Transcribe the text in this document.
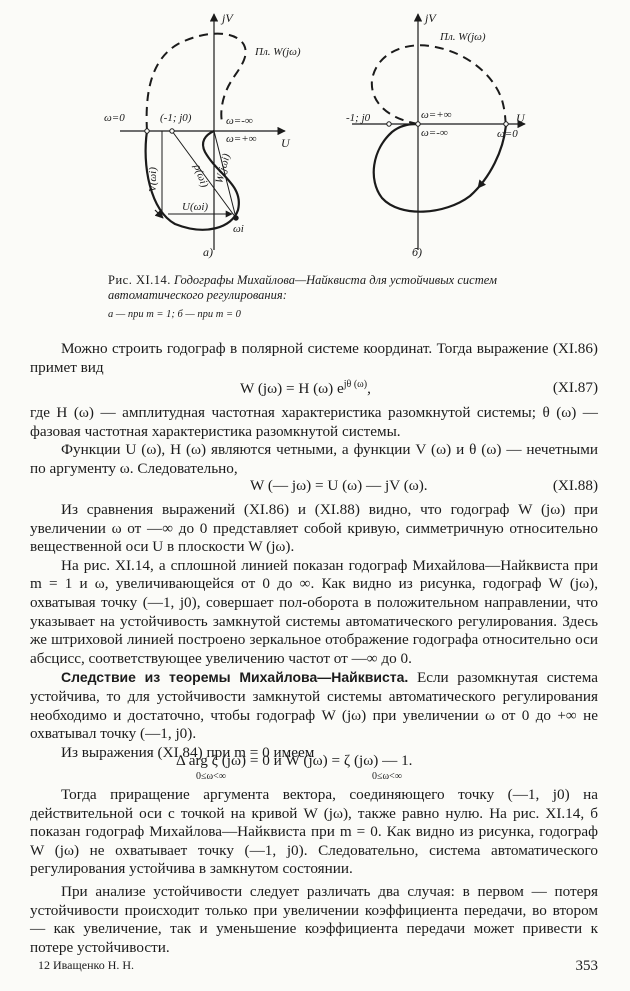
jV
U
Пл. W(jω)
ω=0	(-1; j0)	ω=-∞
ω=+∞
V(ωi)	ρ(ωi) W(jωi)
U(ωi)
ωi
а)
jV
U
Пл. W(jω)
-1; j0	ω=+∞
ω=-∞	ω=0
б)
Рис. XI.14. Годографы Михайлова—Найквиста для устойчивых систем автоматического регулирования:
а — при m = 1; б — при m = 0

Можно строить годограф в полярной системе координат. Тогда выражение (XI.86) примет вид

W (jω) = H (ω) $e^{j\theta (\omega)}$,	(XI.87)

где H (ω) — амплитудная частотная характеристика разомкнутой системы; θ (ω) — фазовая частотная характеристика разомкнутой системы.

Функции U (ω), H (ω) являются четными, а функции V (ω) и θ (ω) — нечетными по аргументу ω. Следовательно,

W (— jω) = U (ω) — jV (ω).	(XI.88)

Из сравнения выражений (XI.86) и (XI.88) видно, что годограф W (jω) при увеличении ω от —∞ до 0 представляет собой кривую, симметричную относительно вещественной оси U в плоскости W (jω).

На рис. XI.14, а сплошной линией показан годограф Михайлова—Найквиста при m = 1 и ω, увеличивающейся от 0 до ∞. Как видно из рисунка, годограф W (jω), охватывая точку (—1, j0), совершает пол-оборота в положительном направлении, что указывает на устойчивость замкнутой системы автоматического регулирования. Здесь же штриховой линией построено зеркальное отображение годографа относительно оси абсцисс, соответствующее увеличению частот от —∞ до 0.

Следствие из теоремы Михайлова—Найквиста. Если разомкнутая система устойчива, то для устойчивости замкнутой системы автоматического регулирования необходимо и достаточно, чтобы годограф W (jω) при увеличении ω от 0 до +∞ не охватывал точку (—1, j0).

Из выражения (XI.84) при m = 0 имеем

Δ arg ζ (jω) = 0 и W (jω) = ζ (jω) — 1.
0≤ω<∞	0≤ω<∞

Тогда приращение аргумента вектора, соединяющего точку (—1, j0) на действительной оси с точкой на кривой W (jω), также равно нулю. На рис. XI.14, б показан годограф Михайлова—Найквиста при m = 0. Как видно из рисунка, годограф W (jω) не охватывает точку (—1, j0). Следовательно, система автоматического регулирования устойчива в замкнутом состоянии.

При анализе устойчивости следует различать два случая: в первом — потеря устойчивости происходит только при увеличении коэффициента передачи, во втором — как увеличение, так и уменьшение коэффициента передачи может привести к потере устойчивости.

12 Иващенко Н. Н.	353
